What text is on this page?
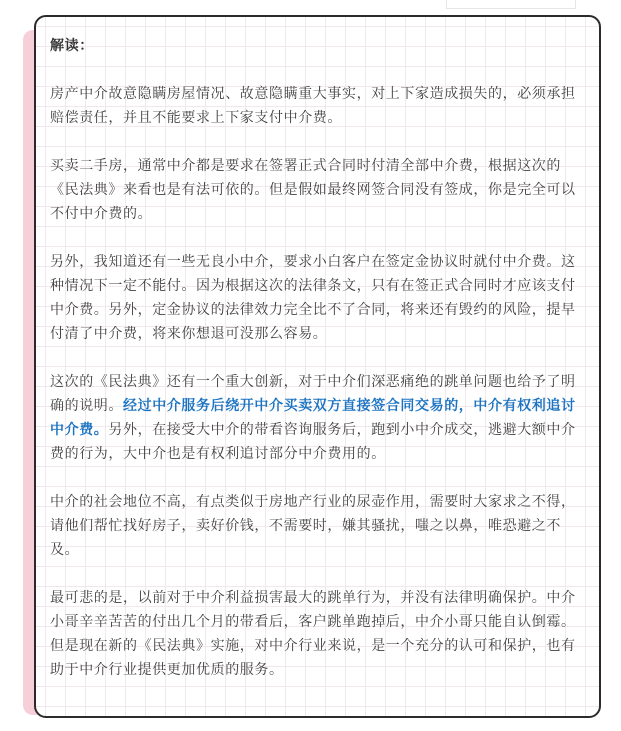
解读：

房产中介故意隐瞒房屋情况、故意隐瞒重大事实，对上下家造成损失的，必须承担赔偿责任，并且不能要求上下家支付中介费。

买卖二手房，通常中介都是要求在签署正式合同时付清全部中介费，根据这次的《民法典》来看也是有法可依的。但是假如最终网签合同没有签成，你是完全可以不付中介费的。

另外，我知道还有一些无良小中介，要求小白客户在签定金协议时就付中介费。这种情况下一定不能付。因为根据这次的法律条文，只有在签正式合同时才应该支付中介费。另外，定金协议的法律效力完全比不了合同，将来还有毁约的风险，提早付清了中介费，将来你想退可没那么容易。

这次的《民法典》还有一个重大创新，对于中介们深恶痛绝的跳单问题也给予了明确的说明。经过中介服务后绕开中介买卖双方直接签合同交易的，中介有权利追讨中介费。另外，在接受大中介的带看咨询服务后，跑到小中介成交，逃避大额中介费的行为，大中介也是有权利追讨部分中介费用的。

中介的社会地位不高，有点类似于房地产行业的尿壶作用，需要时大家求之不得，请他们帮忙找好房子，卖好价钱，不需要时，嫌其骚扰，嗤之以鼻，唯恐避之不及。

最可悲的是，以前对于中介利益损害最大的跳单行为，并没有法律明确保护。中介小哥辛辛苦苦的付出几个月的带看后，客户跳单跑掉后，中介小哥只能自认倒霉。但是现在新的《民法典》实施，对中介行业来说，是一个充分的认可和保护，也有助于中介行业提供更加优质的服务。
